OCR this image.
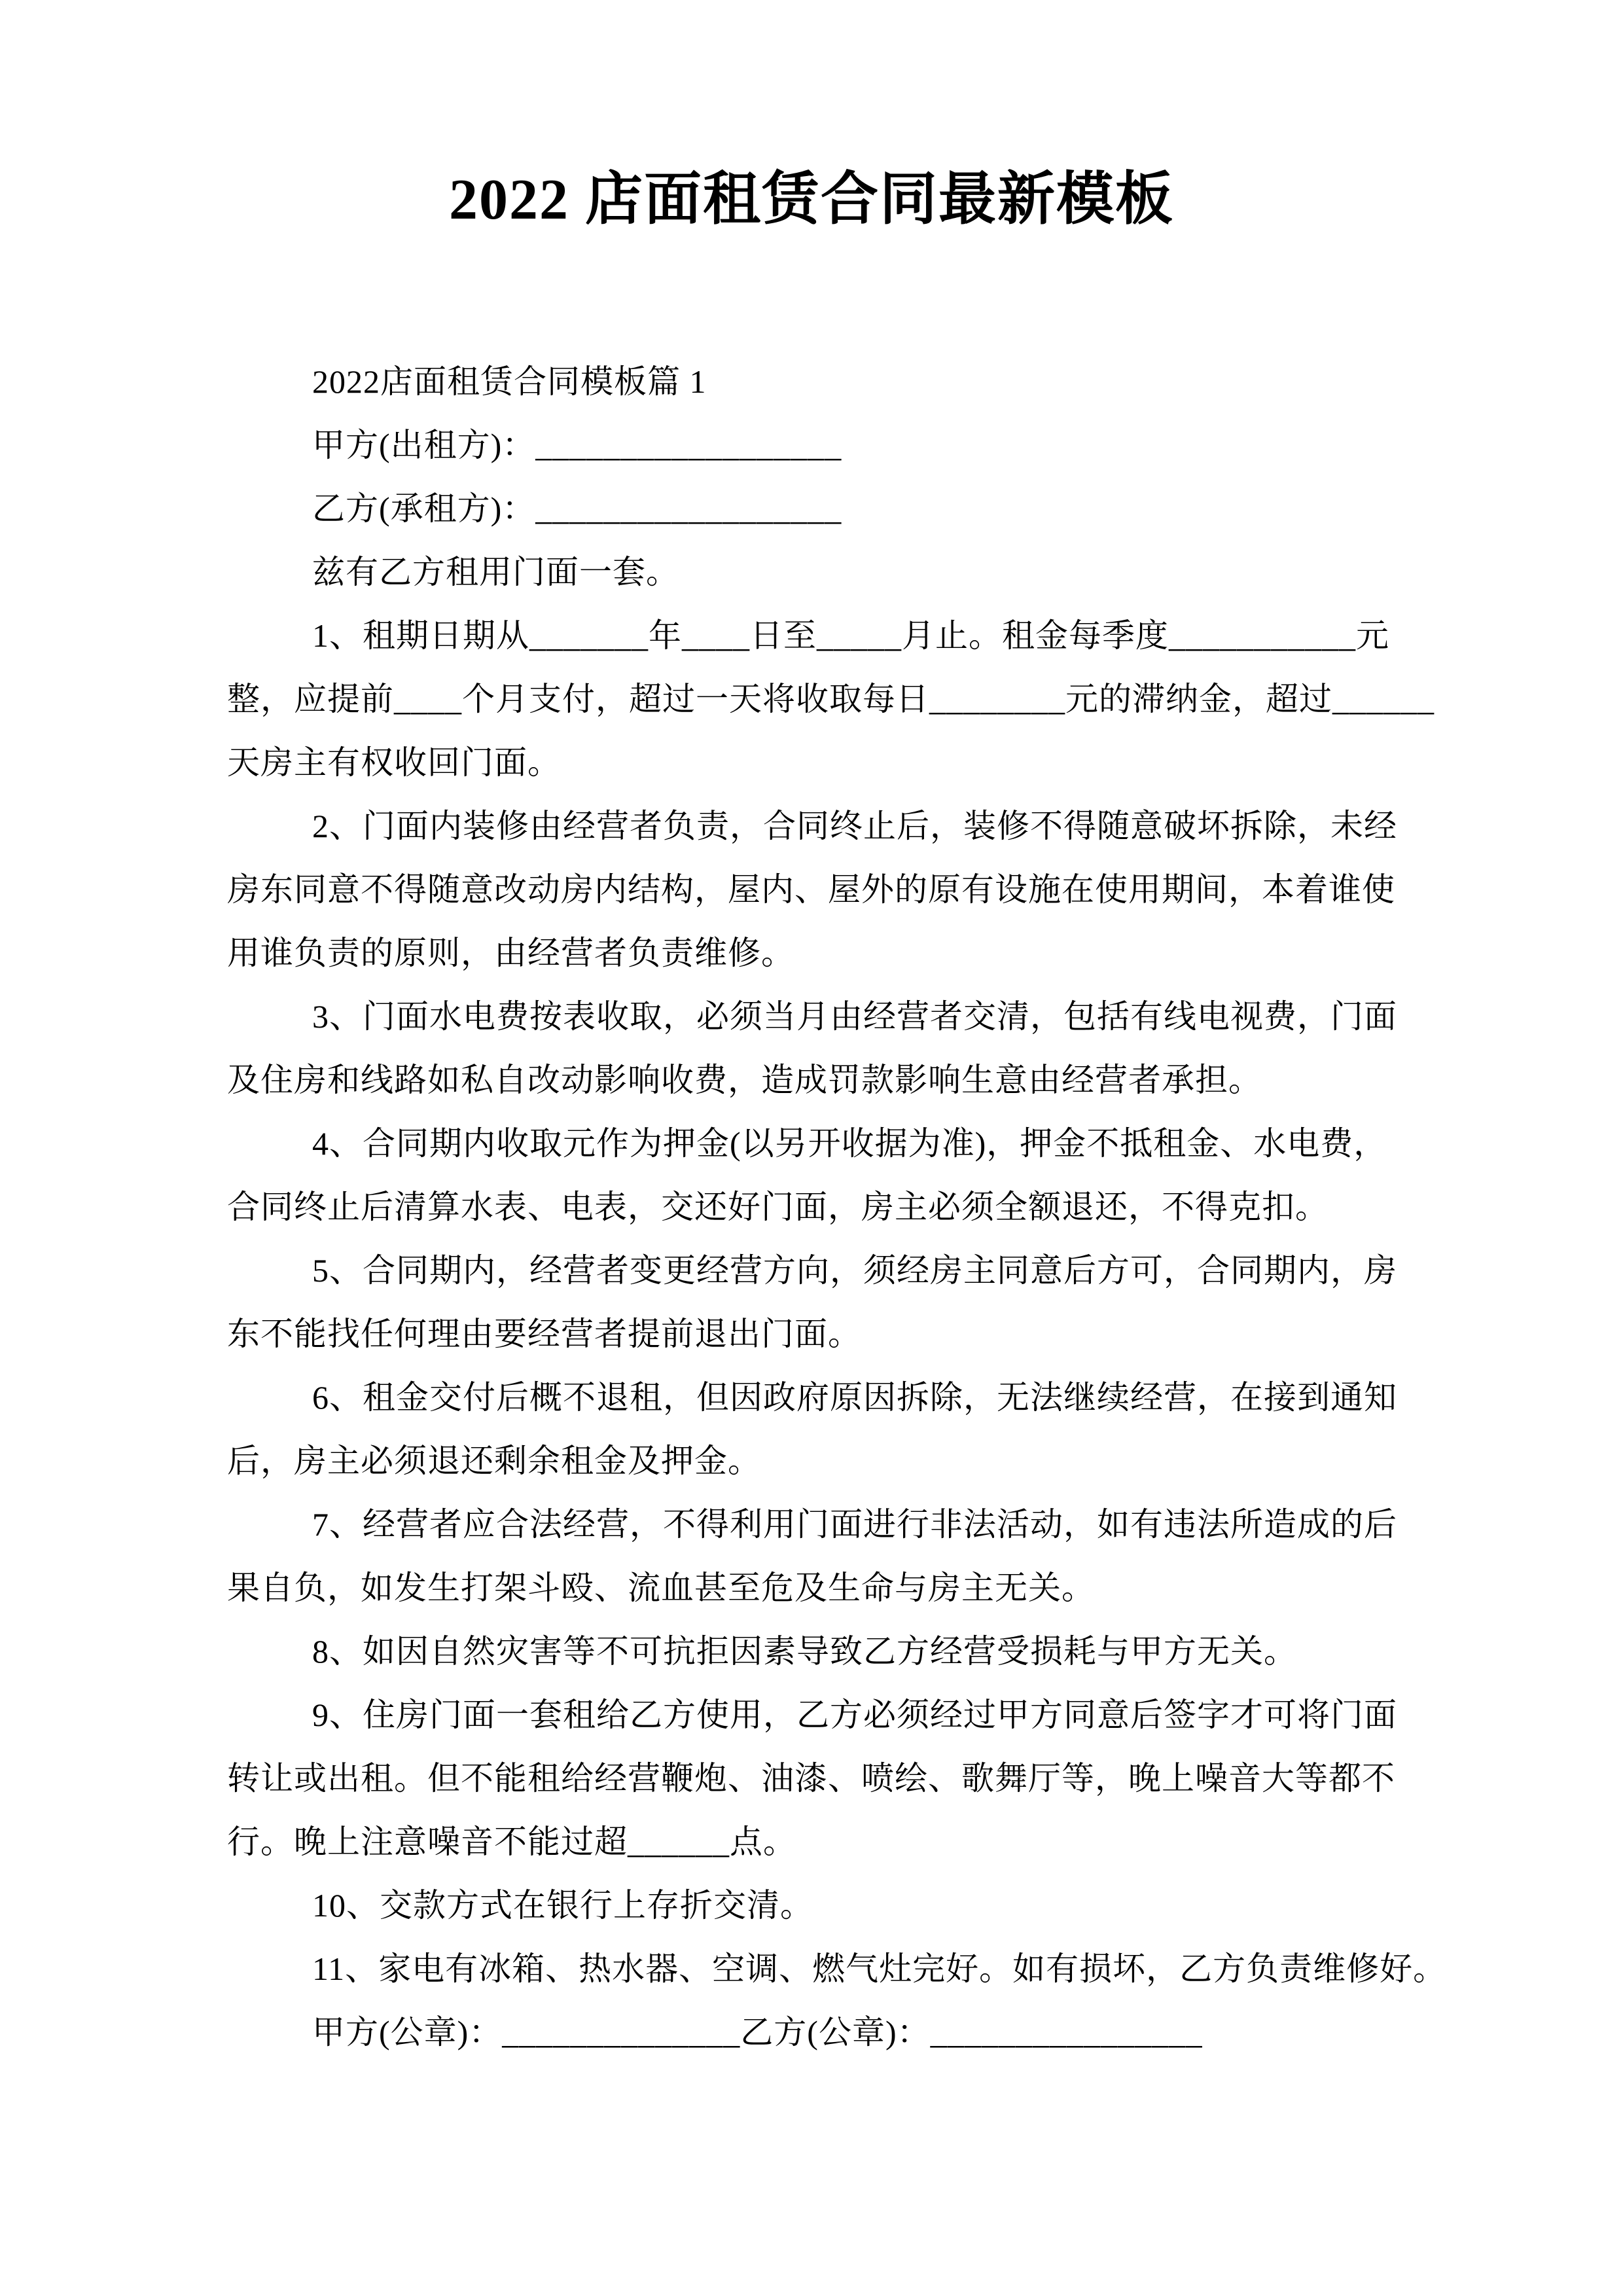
2022 店面租赁合同最新模板
2022店面租赁合同模板篇 1
甲方(出租方)：__________________
乙方(承租方)：__________________
兹有乙方租用门面一套。
1、租期日期从_______年____日至_____月止。租金每季度___________元
整，应提前____个月支付，超过一天将收取每日________元的滞纳金，超过______
天房主有权收回门面。
2、门面内装修由经营者负责，合同终止后，装修不得随意破坏拆除，未经
房东同意不得随意改动房内结构，屋内、屋外的原有设施在使用期间，本着谁使
用谁负责的原则，由经营者负责维修。
3、门面水电费按表收取，必须当月由经营者交清，包括有线电视费，门面
及住房和线路如私自改动影响收费，造成罚款影响生意由经营者承担。
4、合同期内收取元作为押金(以另开收据为准)，押金不抵租金、水电费，
合同终止后清算水表、电表，交还好门面，房主必须全额退还，不得克扣。
5、合同期内，经营者变更经营方向，须经房主同意后方可，合同期内，房
东不能找任何理由要经营者提前退出门面。
6、租金交付后概不退租，但因政府原因拆除，无法继续经营，在接到通知
后，房主必须退还剩余租金及押金。
7、经营者应合法经营，不得利用门面进行非法活动，如有违法所造成的后
果自负，如发生打架斗殴、流血甚至危及生命与房主无关。
8、如因自然灾害等不可抗拒因素导致乙方经营受损耗与甲方无关。
9、住房门面一套租给乙方使用，乙方必须经过甲方同意后签字才可将门面
转让或出租。但不能租给经营鞭炮、油漆、喷绘、歌舞厅等，晚上噪音大等都不
行。晚上注意噪音不能过超______点。
10、交款方式在银行上存折交清。
11、家电有冰箱、热水器、空调、燃气灶完好。如有损坏，乙方负责维修好。
甲方(公章)：______________乙方(公章)：________________
